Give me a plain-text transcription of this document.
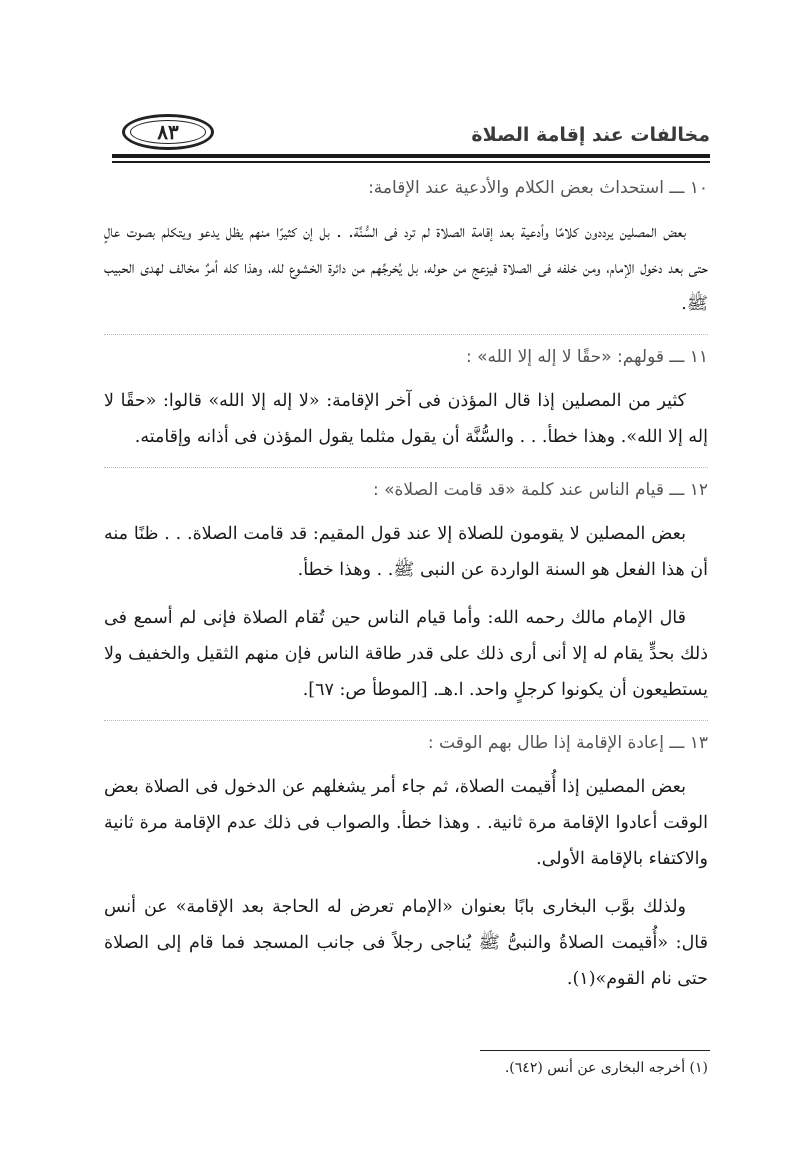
مخالفات عند إقامة الصلاة
٨٣
١٠ ـــ استحداث بعض الكلام والأدعية عند الإقامة:

بعض المصلين يرددون كلامًا وأدعية بعد إقامة الصلاة لم ترد فى السُّنَّة. . بل إن كثيرًا منهم يظل يدعو ويتكلم بصوت عالٍ حتى بعد دخول الإمام، ومن خلفه فى الصلاة فيزعج من حوله، بل يُخرجِّهم من دائرة الخشوع لله، وهذا كله أمرٌ مخالف لهدى الحبيب ﷺ.

١١ ـــ قولهم: «حقًا لا إله إلا الله» :

كثير من المصلين إذا قال المؤذن فى آخر الإقامة: «لا إله إلا الله» قالوا: «حقًا لا إله إلا الله». وهذا خطأ. . . والسُّنَّة أن يقول مثلما يقول المؤذن فى أذانه وإقامته.

١٢ ـــ قيام الناس عند كلمة «قد قامت الصلاة» :

بعض المصلين لا يقومون للصلاة إلا عند قول المقيم: قد قامت الصلاة. . . ظنًا منه أن هذا الفعل هو السنة الواردة عن النبى ﷺ. . وهذا خطأ.

قال الإمام مالك رحمه الله: وأما قيام الناس حين تُقام الصلاة فإنى لم أسمع فى ذلك بحدٍّ يقام له إلا أنى أرى ذلك على قدر طاقة الناس فإن منهم الثقيل والخفيف ولا يستطيعون أن يكونوا كرجلٍ واحد. ا.هـ. [الموطأ ص: ٦٧].

١٣ ـــ إعادة الإقامة إذا طال بهم الوقت :

بعض المصلين إذا أُقيمت الصلاة، ثم جاء أمر يشغلهم عن الدخول فى الصلاة بعض الوقت أعادوا الإقامة مرة ثانية. . وهذا خطأ. والصواب فى ذلك عدم الإقامة مرة ثانية والاكتفاء بالإقامة الأولى.

ولذلك بوَّب البخارى بابًا بعنوان «الإمام تعرض له الحاجة بعد الإقامة» عن أنس قال: «أُقيمت الصلاةُ والنبىُّ ﷺ يُناجى رجلاً فى جانب المسجد فما قام إلى الصلاة حتى نام القوم»(١).

(١) أخرجه البخارى عن أنس (٦٤٢).
